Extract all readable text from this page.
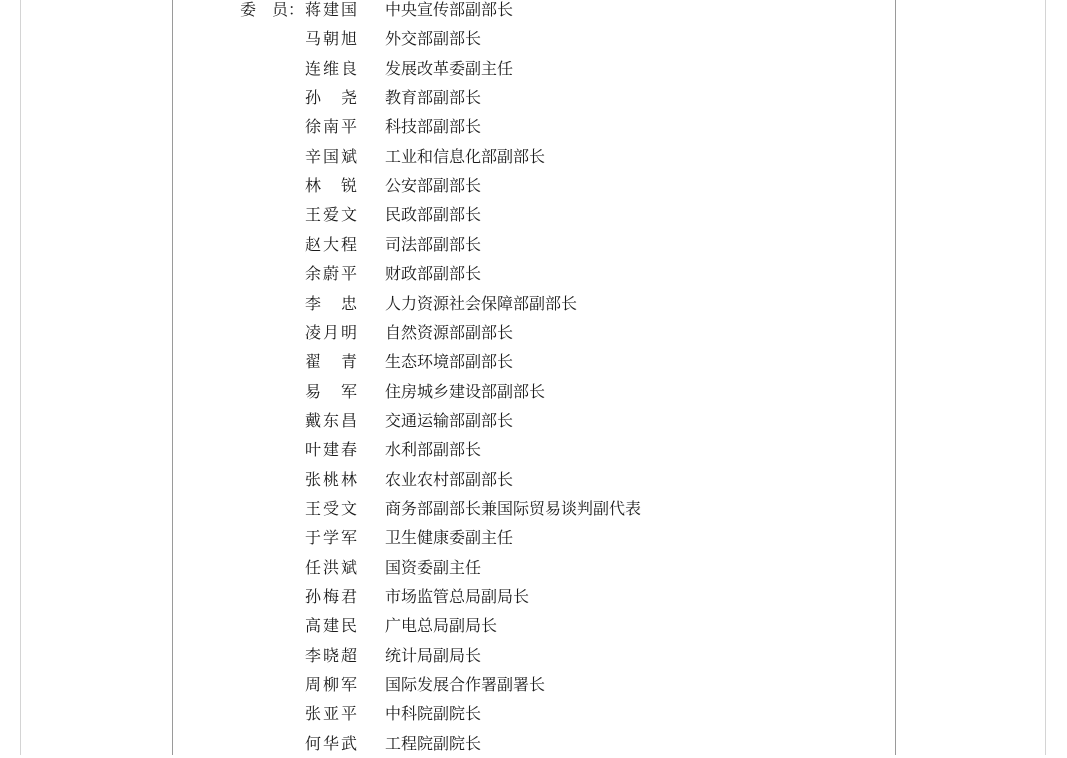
委　员： 蒋建国 中央宣传部副部长
马朝旭 外交部副部长
连维良 发展改革委副主任
孙　尧 教育部副部长
徐南平 科技部副部长
辛国斌 工业和信息化部副部长
林　锐 公安部副部长
王爱文 民政部副部长
赵大程 司法部副部长
余蔚平 财政部副部长
李　忠 人力资源社会保障部副部长
凌月明 自然资源部副部长
翟　青 生态环境部副部长
易　军 住房城乡建设部副部长
戴东昌 交通运输部副部长
叶建春 水利部副部长
张桃林 农业农村部副部长
王受文 商务部副部长兼国际贸易谈判副代表
于学军 卫生健康委副主任
任洪斌 国资委副主任
孙梅君 市场监管总局副局长
高建民 广电总局副局长
李晓超 统计局副局长
周柳军 国际发展合作署副署长
张亚平 中科院副院长
何华武 工程院副院长
